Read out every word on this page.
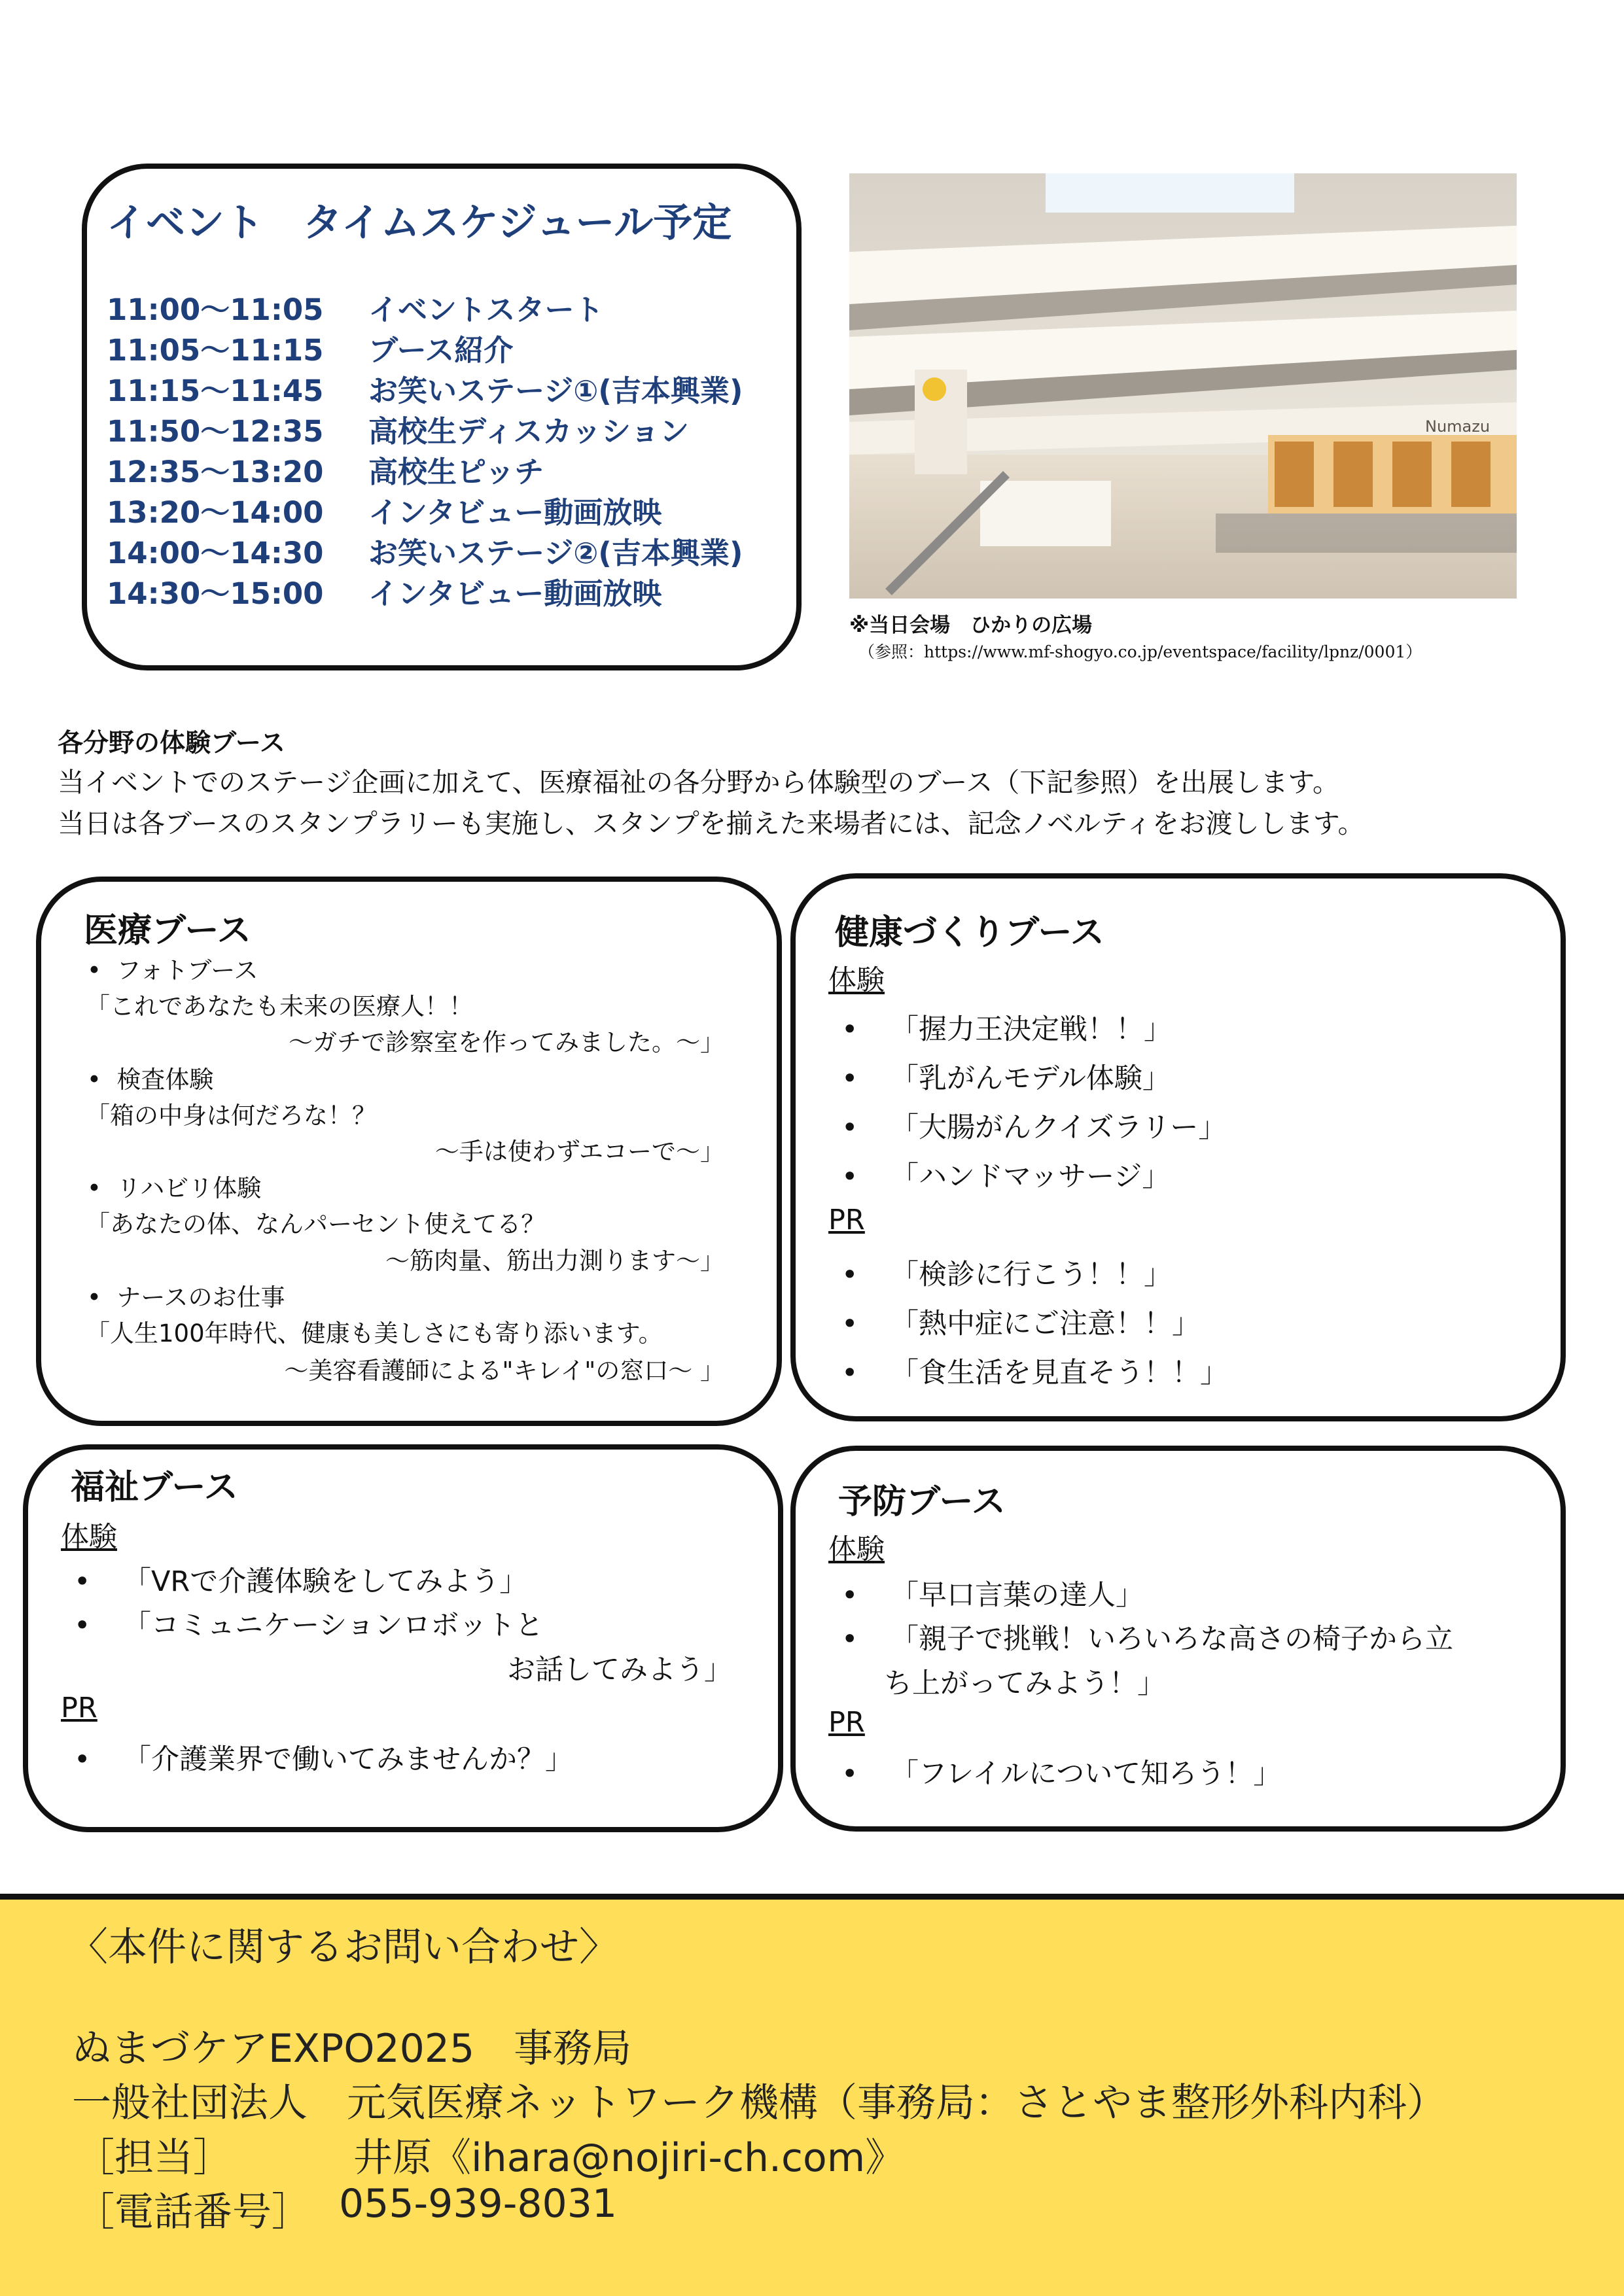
イベント　タイムスケジュール予定
11:00〜11:05	イベントスタート
11:05〜11:15	ブース紹介
11:15〜11:45	お笑いステージ①(吉本興業)
11:50〜12:35	高校生ディスカッション
12:35〜13:20	高校生ピッチ
13:20〜14:00	インタビュー動画放映
14:00〜14:30	お笑いステージ②(吉本興業)
14:30〜15:00	インタビュー動画放映
Numazu
※当日会場　ひかりの広場
（参照：https://www.mf-shogyo.co.jp/eventspace/facility/lpnz/0001）
各分野の体験ブース
当イベントでのステージ企画に加えて、医療福祉の各分野から体験型のブース（下記参照）を出展します。
当日は各ブースのスタンプラリーも実施し、スタンプを揃えた来場者には、記念ノベルティをお渡しします。
医療ブース
•  フォトブース
「これであなたも未来の医療人！！
〜ガチで診察室を作ってみました。〜」
•  検査体験
「箱の中身は何だろな！？
〜手は使わずエコーで〜」
•  リハビリ体験
「あなたの体、なんパーセント使えてる？
〜筋肉量、筋出力測ります〜」
•  ナースのお仕事
「人生100年時代、健康も美しさにも寄り添います。
〜美容看護師による"キレイ"の窓口〜 」
健康づくりブース
体験
• 「握力王決定戦！！」
• 「乳がんモデル体験」
• 「大腸がんクイズラリー」
• 「ハンドマッサージ」
PR
• 「検診に行こう！！」
• 「熱中症にご注意！！」
• 「食生活を見直そう！！」
福祉ブース
体験
• 「VRで介護体験をしてみよう」
• 「コミュニケーションロボットと
お話してみよう」
PR
• 「介護業界で働いてみませんか？」
予防ブース
体験
• 「早口言葉の達人」
• 「親子で挑戦！いろいろな高さの椅子から立
ち上がってみよう！」
PR
• 「フレイルについて知ろう！」
〈本件に関するお問い合わせ〉
ぬまづケアEXPO2025　事務局
一般社団法人　元気医療ネットワーク機構（事務局：さとやま整形外科内科）
［担当］	井原《ihara@nojiri-ch.com》
［電話番号］ 055-939-8031
